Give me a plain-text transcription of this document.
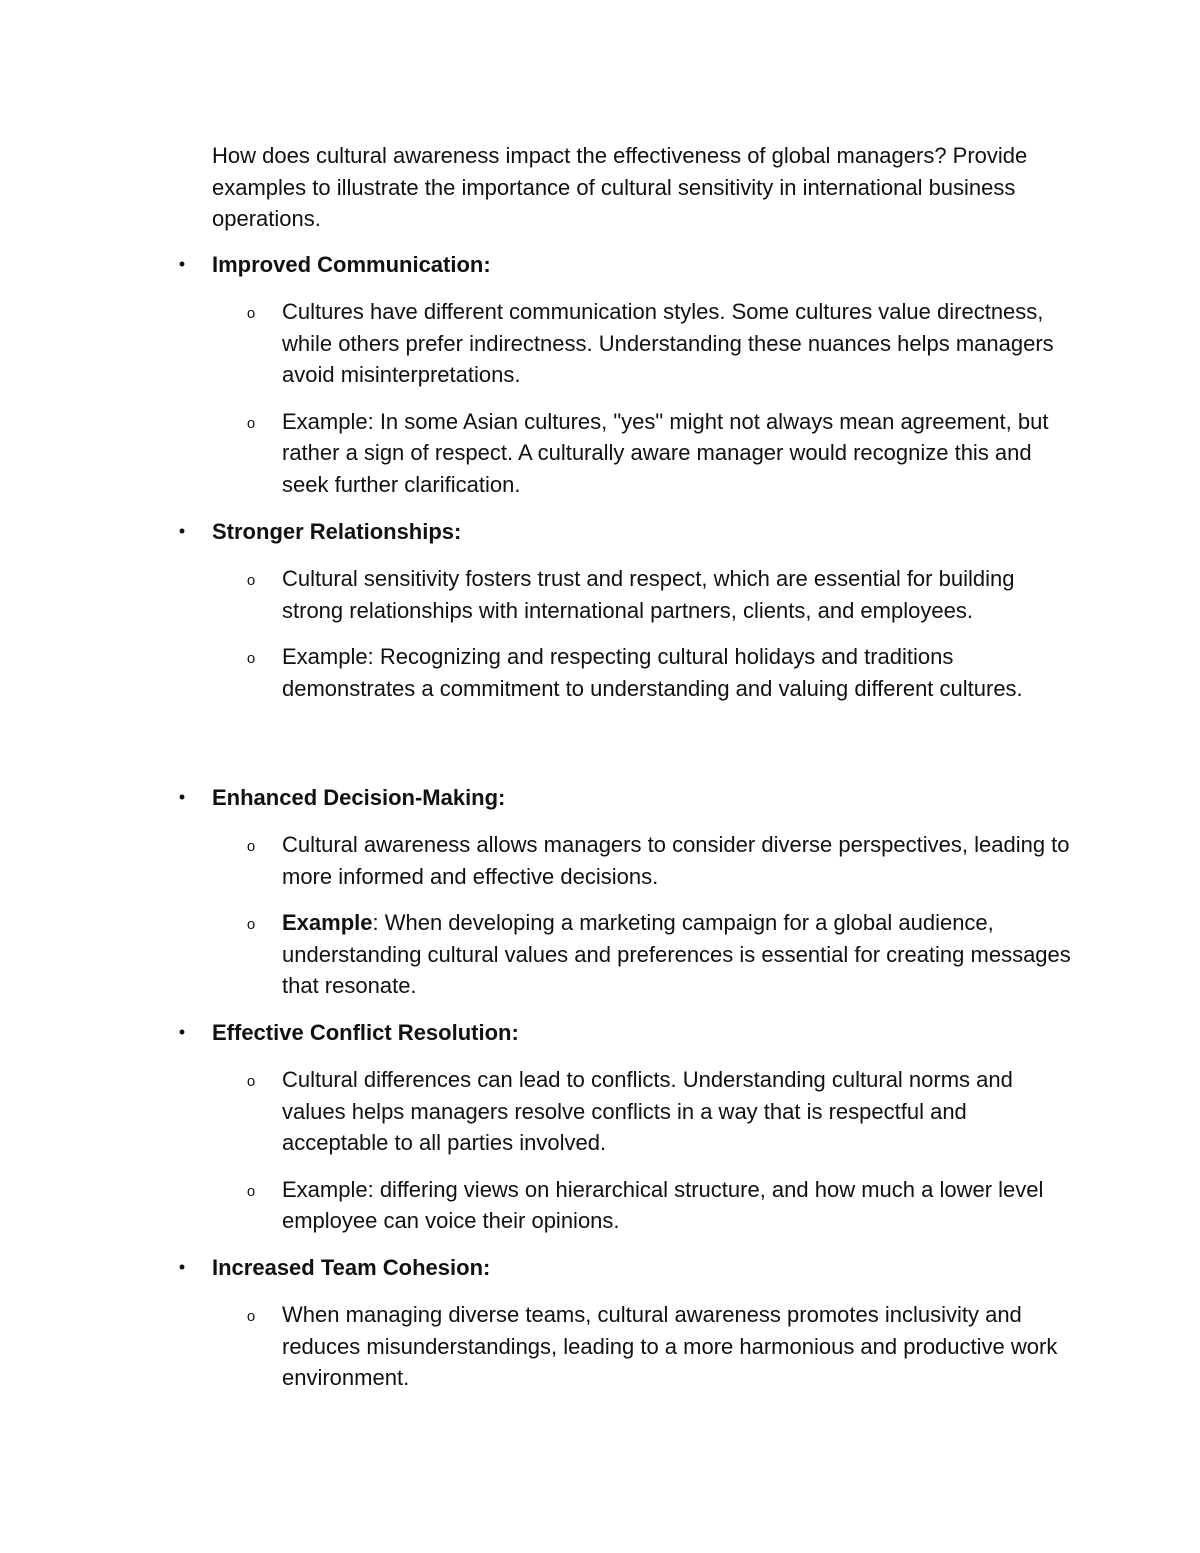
How does cultural awareness impact the effectiveness of global managers? Provide examples to illustrate the importance of cultural sensitivity in international business operations.

•	Improved Communication:

o Cultures have different communication styles. Some cultures value directness, while others prefer indirectness. Understanding these nuances helps managers avoid misinterpretations.

o Example: In some Asian cultures, "yes" might not always mean agreement, but rather a sign of respect. A culturally aware manager would recognize this and seek further clarification.

•	Stronger Relationships:

o Cultural sensitivity fosters trust and respect, which are essential for building strong relationships with international partners, clients, and employees.

o Example: Recognizing and respecting cultural holidays and traditions demonstrates a commitment to understanding and valuing different cultures.

•	Enhanced Decision-Making:

o Cultural awareness allows managers to consider diverse perspectives, leading to more informed and effective decisions.

o Example: When developing a marketing campaign for a global audience, understanding cultural values and preferences is essential for creating messages that resonate.

•	Effective Conflict Resolution:

o Cultural differences can lead to conflicts. Understanding cultural norms and values helps managers resolve conflicts in a way that is respectful and acceptable to all parties involved.

o Example: differing views on hierarchical structure, and how much a lower level employee can voice their opinions.

•	Increased Team Cohesion:

o When managing diverse teams, cultural awareness promotes inclusivity and reduces misunderstandings, leading to a more harmonious and productive work environment.
